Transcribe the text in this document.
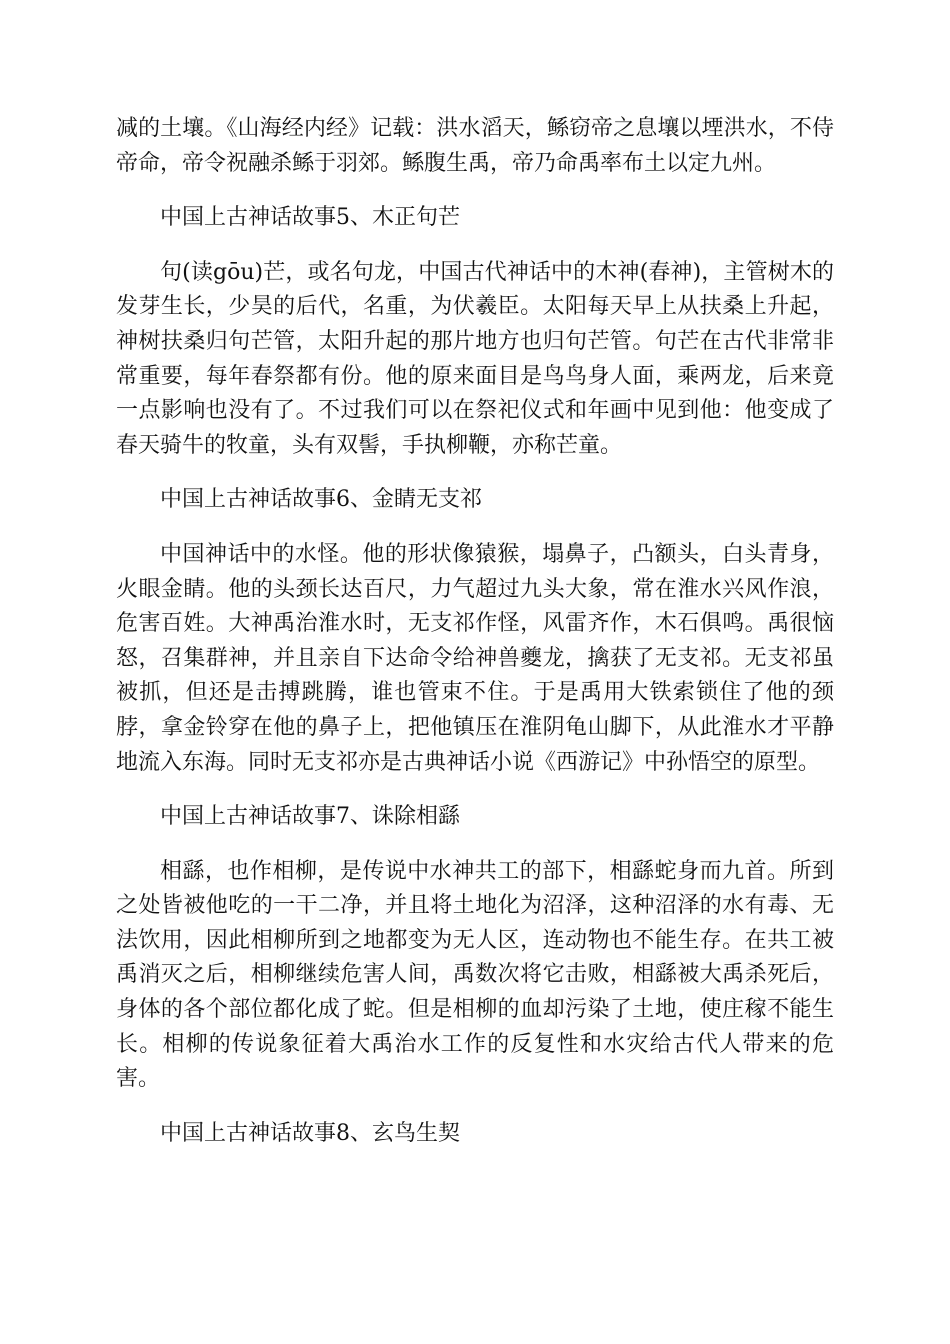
减的土壤。《山海经内经》记载：洪水滔天，鲧窃帝之息壤以堙洪水，不侍帝命，帝令祝融杀鲧于羽郊。鲧腹生禹，帝乃命禹率布土以定九州。

中国上古神话故事5、木正句芒

句(读gōu)芒，或名句龙，中国古代神话中的木神(春神)，主管树木的发芽生长，少昊的后代，名重，为伏羲臣。太阳每天早上从扶桑上升起，神树扶桑归句芒管，太阳升起的那片地方也归句芒管。句芒在古代非常非常重要，每年春祭都有份。他的原来面目是鸟鸟身人面，乘两龙，后来竟一点影响也没有了。不过我们可以在祭祀仪式和年画中见到他：他变成了春天骑牛的牧童，头有双髻，手执柳鞭，亦称芒童。

中国上古神话故事6、金睛无支祁

中国神话中的水怪。他的形状像猿猴，塌鼻子，凸额头，白头青身，火眼金睛。他的头颈长达百尺，力气超过九头大象，常在淮水兴风作浪，危害百姓。大神禹治淮水时，无支祁作怪，风雷齐作，木石俱鸣。禹很恼怒，召集群神，并且亲自下达命令给神兽夔龙，擒获了无支祁。无支祁虽被抓，但还是击搏跳腾，谁也管束不住。于是禹用大铁索锁住了他的颈脖，拿金铃穿在他的鼻子上，把他镇压在淮阴龟山脚下，从此淮水才平静地流入东海。同时无支祁亦是古典神话小说《西游记》中孙悟空的原型。

中国上古神话故事7、诛除相繇

相繇，也作相柳，是传说中水神共工的部下，相繇蛇身而九首。所到之处皆被他吃的一干二净，并且将土地化为沼泽，这种沼泽的水有毒、无法饮用，因此相柳所到之地都变为无人区，连动物也不能生存。在共工被禹消灭之后，相柳继续危害人间，禹数次将它击败，相繇被大禹杀死后，身体的各个部位都化成了蛇。但是相柳的血却污染了土地，使庄稼不能生长。相柳的传说象征着大禹治水工作的反复性和水灾给古代人带来的危害。

中国上古神话故事8、玄鸟生契
